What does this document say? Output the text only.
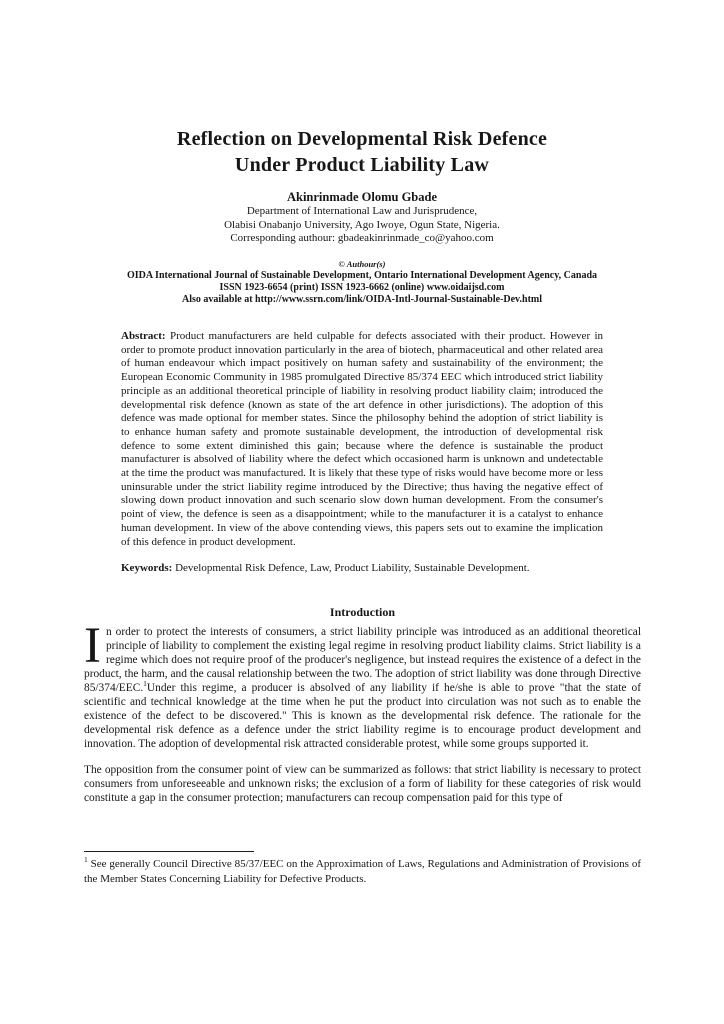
Reflection on Developmental Risk Defence
Under Product Liability Law
Akinrinmade Olomu Gbade
Department of International Law and Jurisprudence,
Olabisi Onabanjo University, Ago Iwoye, Ogun State, Nigeria.
Corresponding authour: gbadeakinrinmade_co@yahoo.com
© Authour(s)
OIDA International Journal of Sustainable Development, Ontario International Development Agency, Canada
ISSN 1923-6654 (print) ISSN 1923-6662 (online) www.oidaijsd.com
Also available at http://www.ssrn.com/link/OIDA-Intl-Journal-Sustainable-Dev.html
Abstract: Product manufacturers are held culpable for defects associated with their product. However in order to promote product innovation particularly in the area of biotech, pharmaceutical and other related area of human endeavour which impact positively on human safety and sustainability of the environment; the European Economic Community in 1985 promulgated Directive 85/374 EEC which introduced strict liability principle as an additional theoretical principle of liability in resolving product liability claim; introduced the developmental risk defence (known as state of the art defence in other jurisdictions). The adoption of this defence was made optional for member states. Since the philosophy behind the adoption of strict liability is to enhance human safety and promote sustainable development, the introduction of developmental risk defence to some extent diminished this gain; because where the defence is sustainable the product manufacturer is absolved of liability where the defect which occasioned harm is unknown and undetectable at the time the product was manufactured. It is likely that these type of risks would have become more or less uninsurable under the strict liability regime introduced by the Directive; thus having the negative effect of slowing down product innovation and such scenario slow down human development. From the consumer's point of view, the defence is seen as a disappointment; while to the manufacturer it is a catalyst to enhance human development. In view of the above contending views, this papers sets out to examine the implication of this defence in product development.
Keywords: Developmental Risk Defence, Law, Product Liability, Sustainable Development.
Introduction

In order to protect the interests of consumers, a strict liability principle was introduced as an additional theoretical principle of liability to complement the existing legal regime in resolving product liability claims. Strict liability is a regime which does not require proof of the producer's negligence, but instead requires the existence of a defect in the product, the harm, and the causal relationship between the two. The adoption of strict liability was done through Directive 85/374/EEC.$^1$Under this regime, a producer is absolved of any liability if he/she is able to prove "that the state of scientific and technical knowledge at the time when he put the product into circulation was not such as to enable the existence of the defect to be discovered." This is known as the developmental risk defence. The rationale for the developmental risk defence as a defence under the strict liability regime is to encourage product development and innovation. The adoption of developmental risk attracted considerable protest, while some groups supported it.

The opposition from the consumer point of view can be summarized as follows: that strict liability is necessary to protect consumers from unforeseeable and unknown risks; the exclusion of a form of liability for these categories of risk would constitute a gap in the consumer protection; manufacturers can recoup compensation paid for this type of

$^1$ See generally Council Directive 85/37/EEC on the Approximation of Laws, Regulations and Administration of Provisions of the Member States Concerning Liability for Defective Products.
